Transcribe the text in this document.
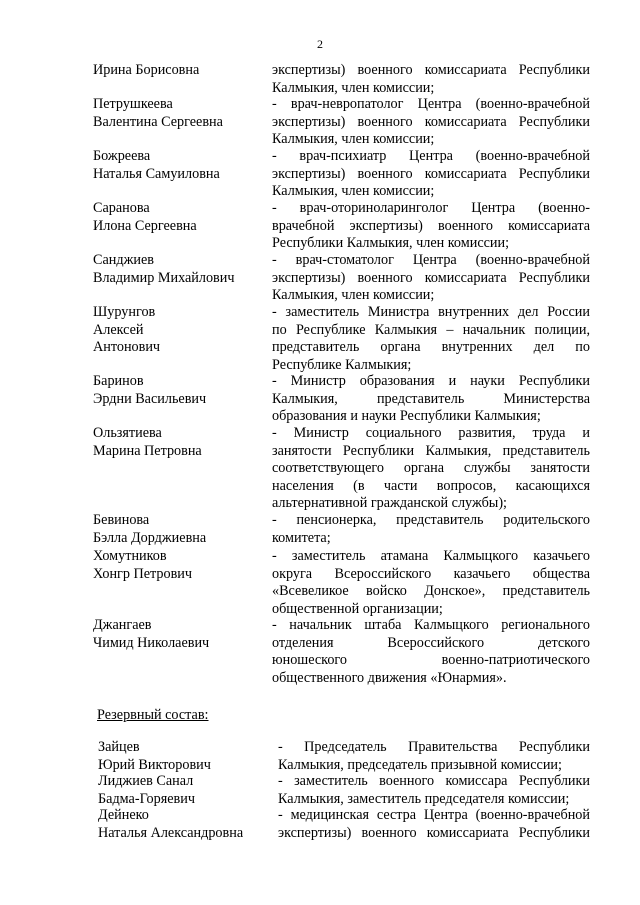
2
Ирина Борисовна	экспертизы) военного комиссариата Республики
Калмыкия, член комиссии;
Петрушкеева
Валентина Сергеевна
- врач-невропатолог Центра (военно-врачебной
экспертизы) военного комиссариата Республики
Калмыкия, член комиссии;
Божреева
Наталья Самуиловна
- врач-психиатр Центра (военно-врачебной
экспертизы) военного комиссариата Республики
Калмыкия, член комиссии;
Саранова
Илона Сергеевна
- врач-оториноларинголог Центра (военно-
врачебной экспертизы) военного комиссариата
Республики Калмыкия, член комиссии;
Санджиев
Владимир Михайлович
- врач-стоматолог Центра (военно-врачебной
экспертизы) военного комиссариата Республики
Калмыкия, член комиссии;
Шурунгов
Алексей
Антонович
- заместитель Министра внутренних дел России
по Республике Калмыкия – начальник полиции,
представитель органа внутренних дел по
Республике Калмыкия;
Баринов
Эрдни Васильевич
- Министр образования и науки Республики
Калмыкия, представитель Министерства
образования и науки Республики Калмыкия;
Ользятиева
Марина Петровна
- Министр социального развития, труда и
занятости Республики Калмыкия, представитель
соответствующего органа службы занятости
населения (в части вопросов, касающихся
альтернативной гражданской службы);
Бевинова
Бэлла Дорджиевна
- пенсионерка, представитель родительского
комитета;
Хомутников
Хонгр Петрович
- заместитель атамана Калмыцкого казачьего
округа Всероссийского казачьего общества
«Всевеликое войско Донское», представитель
общественной организации;
Джангаев
Чимид Николаевич
- начальник штаба Калмыцкого регионального
отделения Всероссийского детского
юношеского военно-патриотического
общественного движения «Юнармия».
Резервный состав:
Зайцев
Юрий Викторович
- Председатель Правительства Республики
Калмыкия, председатель призывной комиссии;
Лиджиев Санал
Бадма-Горяевич
- заместитель военного комиссара Республики
Калмыкия, заместитель председателя комиссии;
Дейнеко
Наталья Александровна
- медицинская сестра Центра (военно-врачебной
экспертизы) военного комиссариата Республики
